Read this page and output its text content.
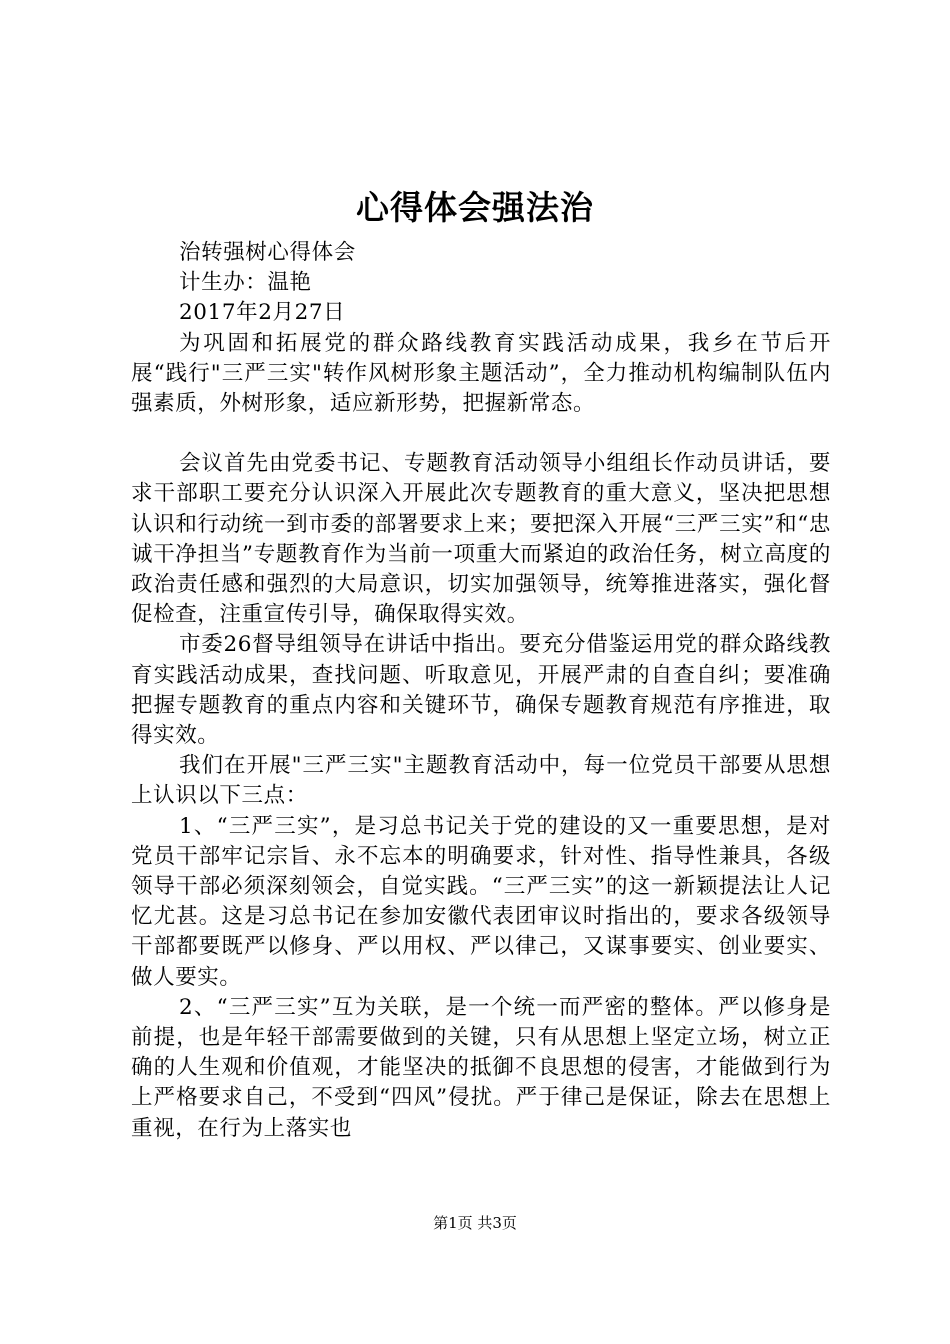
心得体会强法治
治转强树心得体会
计生办：温艳
2017年2月27日

为巩固和拓展党的群众路线教育实践活动成果，我乡在节后开展“践行"三严三实"转作风树形象主题活动”，全力推动机构编制队伍内强素质，外树形象，适应新形势，把握新常态。

会议首先由党委书记、专题教育活动领导小组组长作动员讲话，要求干部职工要充分认识深入开展此次专题教育的重大意义，坚决把思想认识和行动统一到市委的部署要求上来；要把深入开展“三严三实”和“忠诚干净担当”专题教育作为当前一项重大而紧迫的政治任务，树立高度的政治责任感和强烈的大局意识，切实加强领导，统筹推进落实，强化督促检查，注重宣传引导，确保取得实效。

市委26督导组领导在讲话中指出。要充分借鉴运用党的群众路线教育实践活动成果，查找问题、听取意见，开展严肃的自查自纠；要准确把握专题教育的重点内容和关键环节，确保专题教育规范有序推进，取得实效。

我们在开展"三严三实"主题教育活动中，每一位党员干部要从思想上认识以下三点：

1、“三严三实”，是习总书记关于党的建设的又一重要思想，是对党员干部牢记宗旨、永不忘本的明确要求，针对性、指导性兼具，各级领导干部必须深刻领会，自觉实践。“三严三实”的这一新颖提法让人记忆尤甚。这是习总书记在参加安徽代表团审议时指出的，要求各级领导干部都要既严以修身、严以用权、严以律己，又谋事要实、创业要实、做人要实。

2、“三严三实”互为关联，是一个统一而严密的整体。严以修身是前提，也是年轻干部需要做到的关键，只有从思想上坚定立场，树立正确的人生观和价值观，才能坚决的抵御不良思想的侵害，才能做到行为上严格要求自己，不受到“四风”侵扰。严于律己是保证，除去在思想上重视，在行为上落实也

第1页 共3页
